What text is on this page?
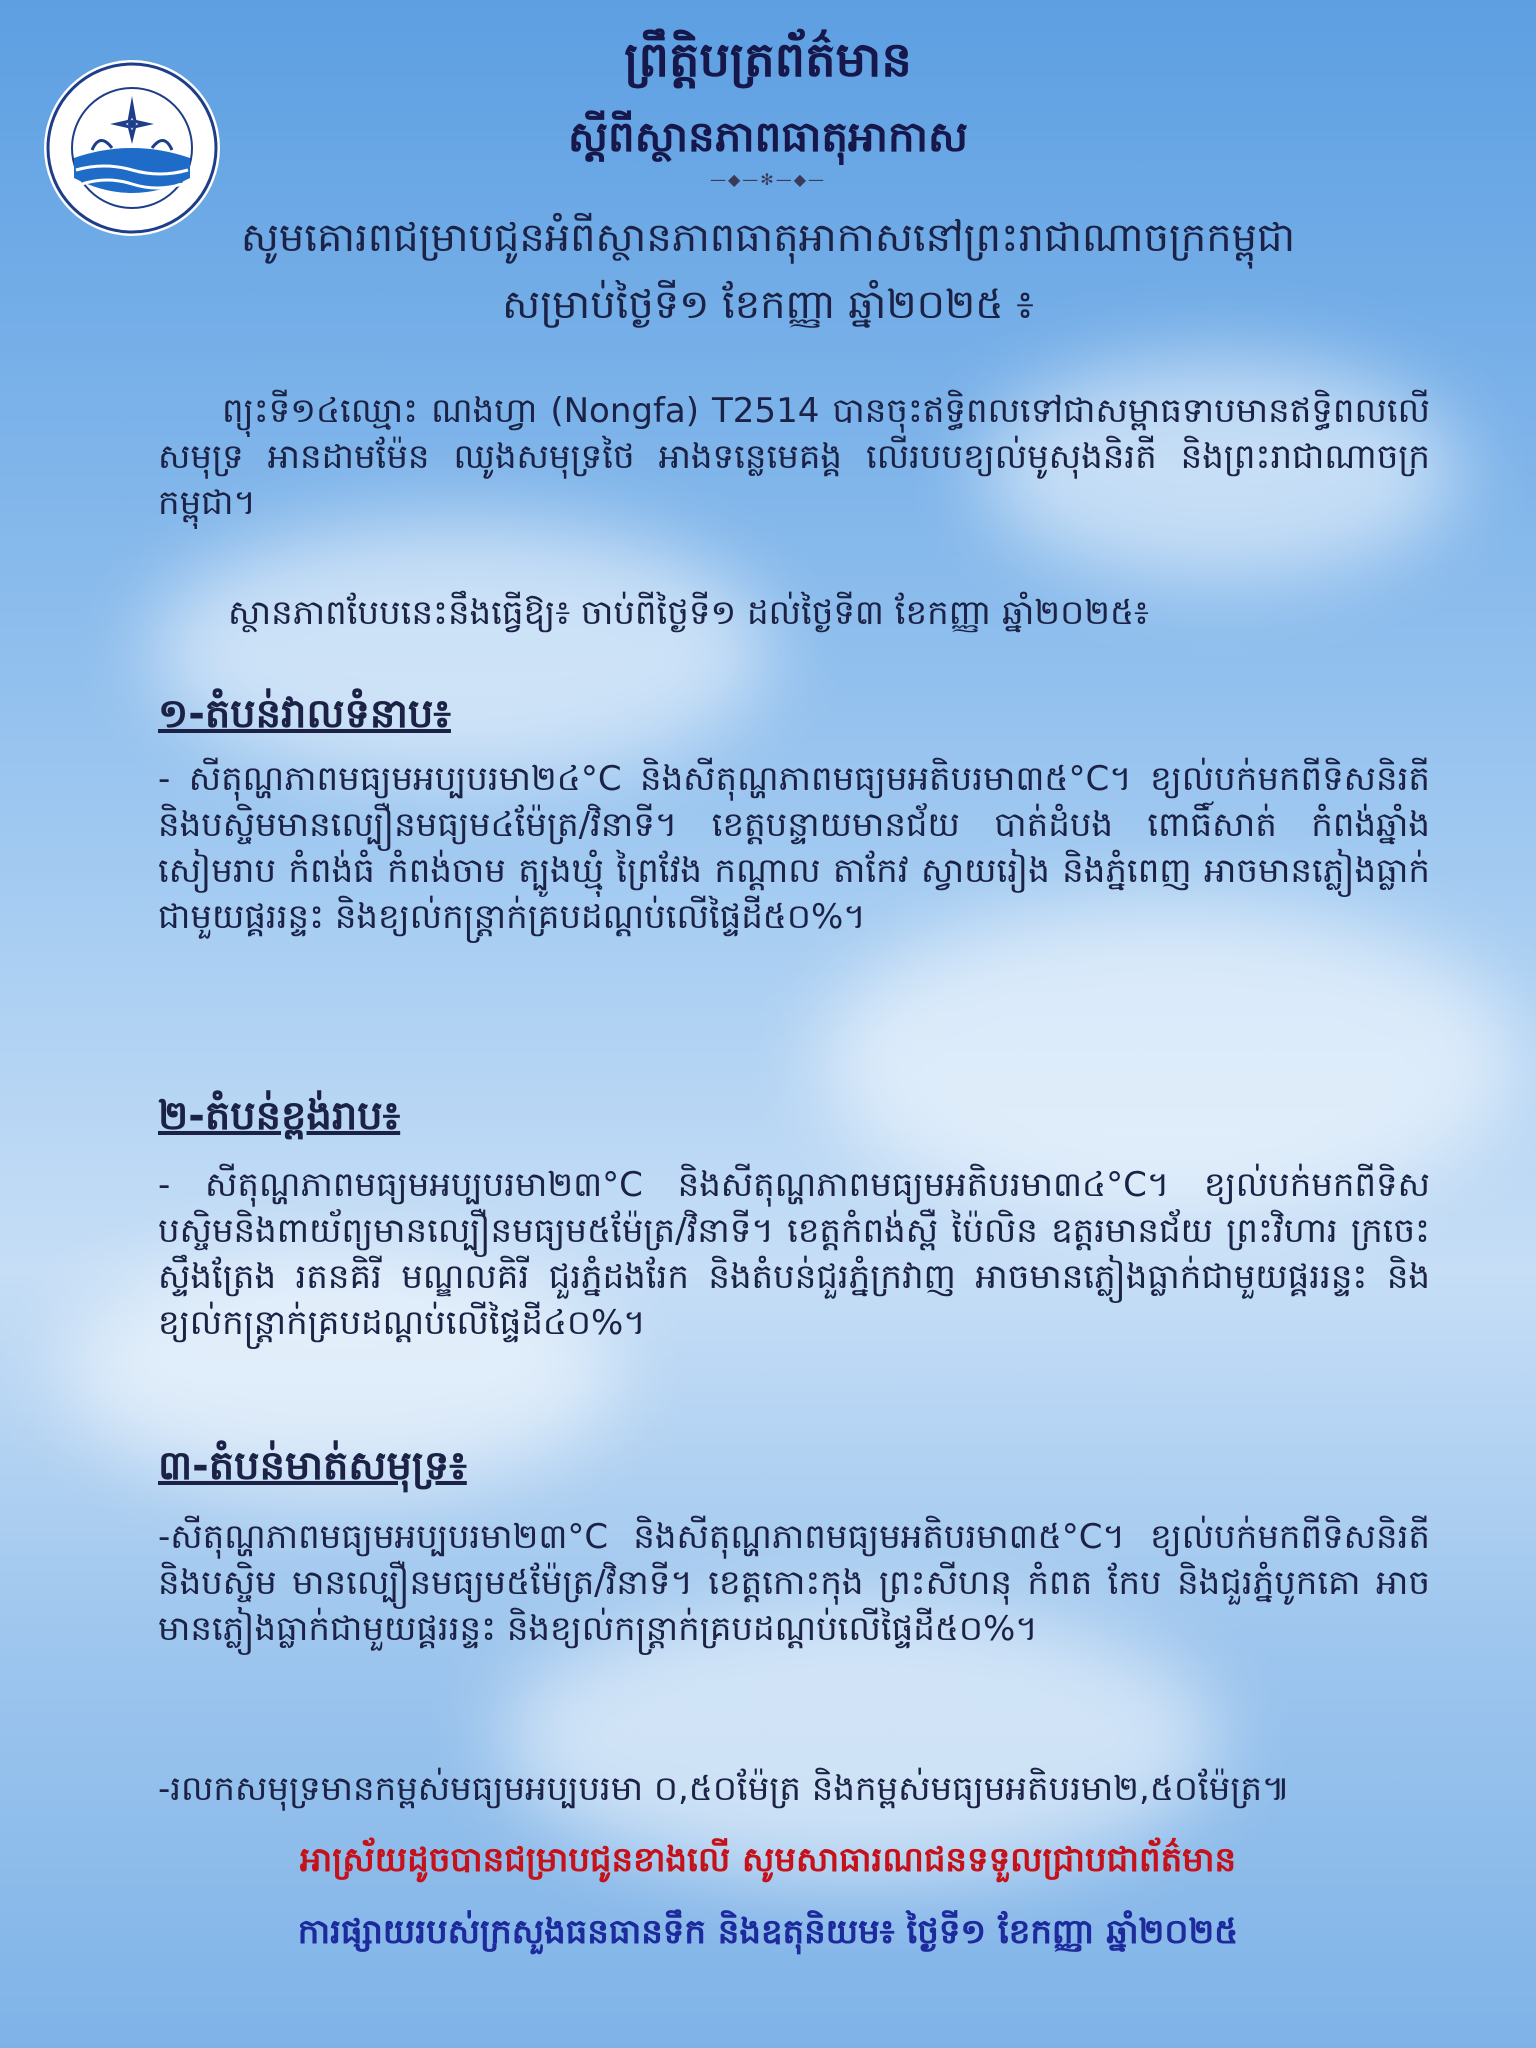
ព្រឹត្តិបត្រព័ត៌មាន
ស្តីពីស្ថានភាពធាតុអាកាស
—◆—✻—◆—
សូមគោរពជម្រាបជូនអំពីស្ថានភាពធាតុអាកាសនៅព្រះរាជាណាចក្រកម្ពុជា
សម្រាប់ថ្ងៃទី១ ខែកញ្ញា ឆ្នាំ២០២៥ ៖
ព្យុះទី១៤ឈ្មោះ ណងហ្វា (Nongfa) T2514 បានចុះឥទ្ធិពលទៅជាសម្ពាធទាបមានឥទ្ធិពលលើសមុទ្រ អានដាមម៉ែន ឈូងសមុទ្រថៃ អាងទន្លេមេគង្គ លើរបបខ្យល់មូសុងនិរតី និងព្រះរាជាណាចក្រកម្ពុជា។
ស្ថានភាពបែបនេះនឹងធ្វើឱ្យ៖ ចាប់ពីថ្ងៃទី១ ដល់ថ្ងៃទី៣ ខែកញ្ញា ឆ្នាំ២០២៥៖
១-តំបន់វាលទំនាប៖
- សីតុណ្ហភាពមធ្យមអប្បបរមា២៤°C និងសីតុណ្ហភាពមធ្យមអតិបរមា៣៥°C។ ខ្យល់បក់មកពីទិសនិរតីនិងបស្ចិមមានល្បឿនមធ្យម៤ម៉ែត្រ/វិនាទី។ ខេត្តបន្ទាយមានជ័យ បាត់ដំបង ពោធិ៍សាត់ កំពង់ឆ្នាំង សៀមរាប កំពង់ធំ កំពង់ចាម ត្បូងឃ្មុំ ព្រៃវែង កណ្ដាល តាកែវ ស្វាយរៀង និងភ្នំពេញ អាចមានភ្លៀងធ្លាក់ជាមួយផ្គររន្ទះ និងខ្យល់កន្ត្រាក់គ្របដណ្តប់លើផ្ទៃដី៥០%។
២-តំបន់ខ្ពង់រាប៖
- សីតុណ្ហភាពមធ្យមអប្បបរមា២៣°C និងសីតុណ្ហភាពមធ្យមអតិបរមា៣៤°C។ ខ្យល់បក់មកពីទិសបស្ចិមនិងពាយ័ព្យមានល្បឿនមធ្យម៥ម៉ែត្រ/វិនាទី។ ខេត្តកំពង់ស្ពឺ ប៉ៃលិន ឧត្តរមានជ័យ ព្រះវិហារ ក្រចេះ ស្ទឹងត្រែង រតនគិរី មណ្ឌលគិរី ជួរភ្នំដងរែក និងតំបន់ជួរភ្នំក្រវាញ អាចមានភ្លៀងធ្លាក់ជាមួយផ្គររន្ទះ និងខ្យល់កន្ត្រាក់គ្របដណ្តប់លើផ្ទៃដី៤០%។
៣-តំបន់មាត់សមុទ្រ៖
-សីតុណ្ហភាពមធ្យមអប្បបរមា២៣°C និងសីតុណ្ហភាពមធ្យមអតិបរមា៣៥°C។ ខ្យល់បក់មកពីទិសនិរតីនិងបស្ចិម មានល្បឿនមធ្យម៥ម៉ែត្រ/វិនាទី។ ខេត្តកោះកុង ព្រះសីហនុ កំពត កែប និងជួរភ្នំបូកគោ អាចមានភ្លៀងធ្លាក់ជាមួយផ្គររន្ទះ និងខ្យល់កន្ត្រាក់គ្របដណ្តប់លើផ្ទៃដី៥០%។
-រលកសមុទ្រមានកម្ពស់មធ្យមអប្បបរមា ០,៥០ម៉ែត្រ និងកម្ពស់មធ្យមអតិបរមា២,៥០ម៉ែត្រ៕
អាស្រ័យដូចបានជម្រាបជូនខាងលើ សូមសាធារណជនទទួលជ្រាបជាព័ត៌មាន
ការផ្សាយរបស់ក្រសួងធនធានទឹក និងឧតុនិយម៖ ថ្ងៃទី១ ខែកញ្ញា ឆ្នាំ២០២៥
